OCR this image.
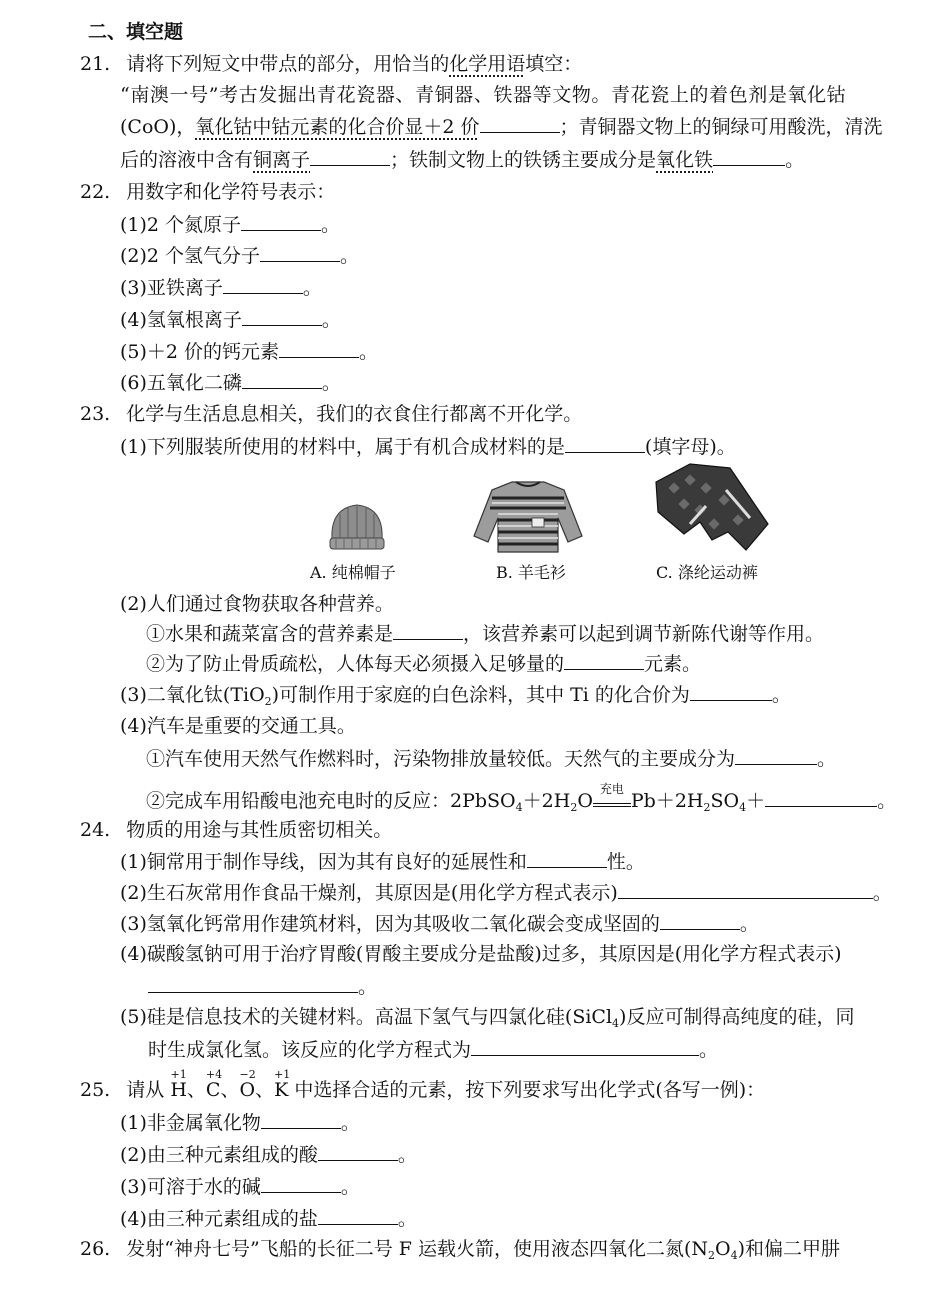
二、填空题
21. 请将下列短文中带点的部分，用恰当的化学用语填空：
“南澳一号”考古发掘出青花瓷器、青铜器、铁器等文物。青花瓷上的着色剂是氧化钴
(CoO)，氧化钴中钴元素的化合价显＋2 价	；青铜器文物上的铜绿可用酸洗，清洗
后的溶液中含有铜离子	；铁制文物上的铁锈主要成分是氧化铁	。
22. 用数字和化学符号表示：
(1)2 个氮原子	。
(2)2 个氢气分子	。
(3)亚铁离子	。
(4)氢氧根离子	。
(5)＋2 价的钙元素	。
(6)五氧化二磷	。
23. 化学与生活息息相关，我们的衣食住行都离不开化学。
(1)下列服装所使用的材料中，属于有机合成材料的是	(填字母)。
A. 纯棉帽子	B. 羊毛衫	C. 涤纶运动裤
(2)人们通过食物获取各种营养。
①水果和蔬菜富含的营养素是	，该营养素可以起到调节新陈代谢等作用。
②为了防止骨质疏松，人体每天必须摄入足够量的	元素。
(3)二氧化钛(TiO$_2$)可制作用于家庭的白色涂料，其中 Ti 的化合价为	。
(4)汽车是重要的交通工具。
①汽车使用天然气作燃料时，污染物排放量较低。天然气的主要成分为	。
②完成车用铅酸电池充电时的反应：$2PbSO_4+2H_2O$
充电
$Pb+2H_2SO_4+$	。
24. 物质的用途与其性质密切相关。
(1)铜常用于制作导线，因为其有良好的延展性和	性。
(2)生石灰常用作食品干燥剂，其原因是(用化学方程式表示)	。
(3)氢氧化钙常用作建筑材料，因为其吸收二氧化碳会变成坚固的	。
(4)碳酸氢钠可用于治疗胃酸(胃酸主要成分是盐酸)过多，其原因是(用化学方程式表示)
。
(5)硅是信息技术的关键材料。高温下氢气与四氯化硅(SiCl$_4$)反应可制得高纯度的硅，同
时生成氯化氢。该反应的化学方程式为	。
25. 请从
+1
H、
+4
C、
−2
O、
+1
K 中选择合适的元素，按下列要求写出化学式(各写一例)：
(1)非金属氧化物	。
(2)由三种元素组成的酸	。
(3)可溶于水的碱	。
(4)由三种元素组成的盐	。
26. 发射“神舟七号”飞船的长征二号 F 运载火箭，使用液态四氧化二氮$(N_2O_4)$和偏二甲肼
